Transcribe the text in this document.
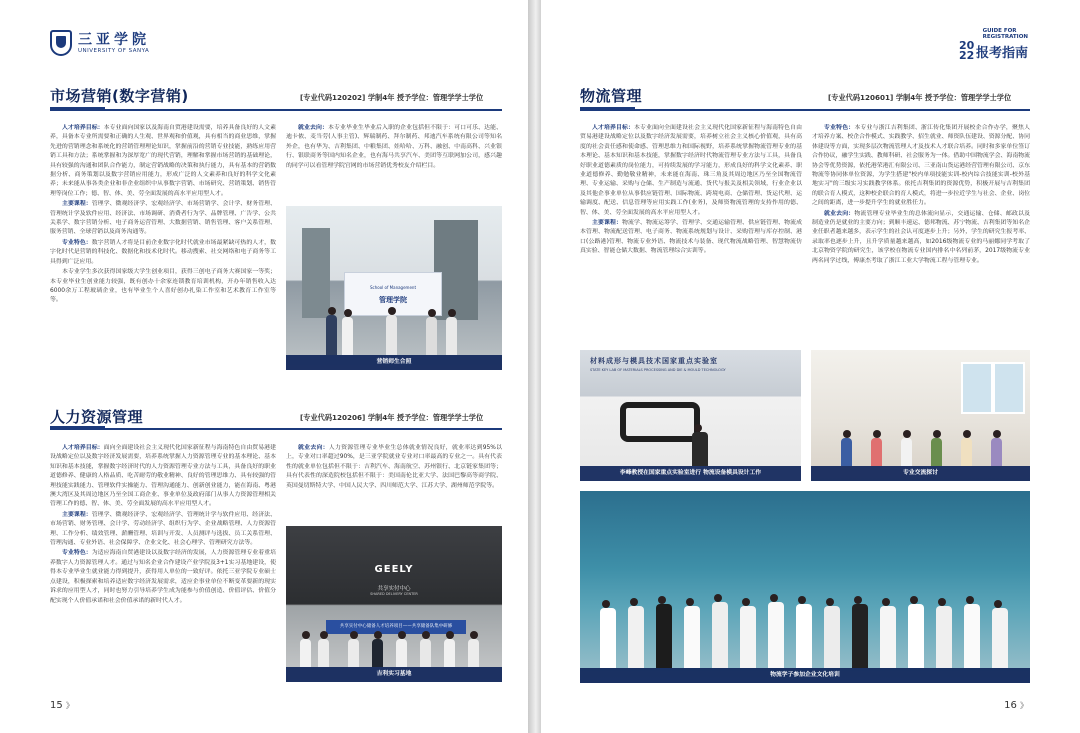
三亚学院
UNIVERSITY OF SANYA
市场营销(数字营销)	[专业代码120202] 学制4年 授予学位：管理学学士学位

人才培养目标：本专业面向国家以及海南自贸港建设需要，培养具备良好的人文素养，具备本专业所需要和正确的人生观、世界观和价值观，具有相当的商业思维，掌握先进的营销理念和系统化的营销管理理论知识，掌握前沿的营销专业技能，熟练应用营销工具和方法；系统掌握和为深厚宽广的现代营销，理解和掌握市场营销的基础理论，具有较强的沟通和团队合作能力，制定营销战略的决策和执行能力，具有基本的营销数据分析、商务策划以及数字营销应用能力，形成广泛的人文素养和良好的科学文化素养；未来能从事各类企业和非企业组织中从事数字营销、市场研究、营销策划、销售管理等岗位工作；德、智、体、美、劳全面发展的高水平应用型人才。

主要课程：管理学、微观经济学、宏观经济学、市场营销学、会计学、财务管理、管理统计学及软件应用、经济法、市场调研、消费者行为学、品牌管理、广告学、公共关系学、数字营销分析、电子商务运营管理、大数据营销、销售管理、客户关系管理、服务营销、全球营销以及商务沟通等。

专业特色：数字营销人才将是目前企业数字化时代就业市场最紧缺可热的人才，数字化时代是营销的科技化、数据化和技术化时代。移动搜索、社交网络和电子商务等工具得到广泛应用。

本专业学生多次获得国家级大学生创业项目，获得三创电子商务大赛国家一等奖；本专业毕业生创业能力较强，既有创办十余家连锁教育培训机构，开办年销售收入达6000余万工程玻璃企业，也有毕业生个人喜好创办扎染工作室和艺术教育工作室等等。

就业去向：本专业毕业生毕业后入职的企业包括但不限于：可口可乐、达能、迪卡侬、麦当劳(人事主管)、辉瑞制药、拜尔制药、邦迪汽车系统有限公司等知名外企，也有华为、吉利集团、中粮集团、娃哈哈、万科、融创、中南高科、兴业银行、银联商务等国内知名企业，也有海马共享汽车、美团等互联网加公司，感兴趣的同学可以看管理学院官网的市场营销优秀校友介绍栏目。

School of Management
管理学院
营销师生合照
人力资源管理	[专业代码120206] 学制4年 授予学位：管理学学士学位

人才培养目标：面向全面建设社会主义现代化国家新征程与海南特色自由贸易港建设战略定位以及数字经济发展需要，培养系统掌握人力资源管理专业的基本理论、基本知识和基本技能，掌握数字经济时代的人力资源管理专业方法与工具，具备良好的职业道德修养、健康的人格品质、吃苦耐劳的敬业精神、良好的管理思维力、具有较强的管理技能实践能力、管理软件实操能力、管理沟通能力、创新创业能力，能在海南、粤港澳大湾区及其周边地区乃至全国工商企业、事业单位及政府部门从事人力资源管理相关管理工作的德、智、体、美、劳全面发展的高水平应用型人才。

主要课程：管理学、微观经济学、宏观经济学、管理统计学与软件应用、经济法、市场营销、财务管理、会计学、劳动经济学、组织行为学、企业战略管理、人力资源管理、工作分析、绩效管理、薪酬管理、培训与开发、人员测评与选拔、员工关系管理、管理沟通、专业外语、社会保障学、企业文化、社会心理学、管理研究方法等。

专业特色：为适应海南自贸港建设以及数字经济的发展，人力资源管理专业着重培养数字人力资源管理人才。通过与知名企业合作建设产业学院及3+1实习基地建设，使得本专业毕业生就业能力得到提升，获得用人单位的一致好评。依托三亚学院专业硕士点建设，积极探索和培养适应数字经济发展需求，适应企事业单位不断变革要新的现实诉求的应用型人才，同时也努力引导培养学生成为能参与价值创造、价值评估、价值分配实现个人价值承诺和社会价值承诺的新时代人才。

就业去向：人力资源管理专业毕业生总体就业情况良好，就业率达到95%以上，专业对口率超过90%，是三亚学院就业专业对口率最高的专业之一。具有代表性的就业单位包括但不限于：吉利汽车、海南航空、苏州银行、北京链家集团等；具有代表性的深造院校包括但不限于：美国南伦比亚大学、法国巴黎高等商学院、英国曼切斯特大学、中国人民大学、四川师范大学、江苏大学、湖州师范学院等。

GEELY
共享实付中心
SHARED DELIVERY CENTER
共享实付中心储备人才培养项目——共享储备队集中研修
吉利实习基地
15 》
GUIDE FOR
REGISTRATION
20
22 报考指南
物流管理	[专业代码120601] 学制4年 授予学位：管理学学士学位

人才培养目标：本专业面向全面建设社会主义现代化国家新征程与海南特色自由贸易港建设战略定位以及数字经济发展需要，培养树立社会主义核心价值观，具有高度的社会责任感和使命感、管理思维力和国际视野，培养系统掌握物流管理专业的基本理论、基本知识和基本技能，掌握数字经济时代物流管理专业方法与工具，具备良好职业道德素质的岗位能力，可持续发展的学习能力，形成良好的科学文化素养、职业道德修养、勤勉敬业精神，未来能在海南、珠三角及其周边地区乃至全国物流管理、专业运输、采购与仓储、生产制造与流通、货代与报关及相关领域，行业企业以及其他企事业单位从事供应链管理、国际物流、跨境电商、仓储管理、货运代理、运输调度、配送、信息管理等应用实践工作(业务)，及师资物流管理的支持作用的德、智、体、美、劳全面发展的高水平应用型人才。

主要课程：物流学、物流运筹学、管理学、交通运输管理、供应链管理、物流成本管理、物流配送管理、电子商务、物流系统规划与设计、采购管理与库存控制、港口(公路港)管理、物流专业外语、物流技术与装备、现代物流战略管理、智慧物流仿真实验、智能仓储大数据、物流管理综合实训等。

专业特色：本专业与浙江吉利集团、浙江传化集团开展校企合作办学，聚焦人才培养方案、校企合作模式、实践教学、招生就业、师资队伍建设、资源分配、协同体建设等方面，实现多层次物流管理人才及技术人才联合培养。同时和多家单位签订合作协议，融学生实践、教师科研、社会服务为一体。借助中国物流学会、海南物流协会等优势资源，依托港荣港汇有限公司、三亚南山货运港经营管理有限公司、京东物流等协同体单位资源，为学生搭建"校内单项技能实训-校内综合技能实训-校外基地实习"的三级实习实践教学体系。依托吉利集团的资源优势，积极开展与吉利集团的联合育人模式，这种校企联合的育人模式，将进一步拉近学生与社会、企业、岗位之间的距离，进一步提升学生的就业胜任力。

就业去向：物流管理专业毕业生的总体流向显示，交通运输、仓储、邮政以及制造业仍是就业的主要方向；到顺丰速运、德邦物流、苏宁物流、吉利集团等知名企业任职者越来越多，表示学生的社会认可度逐步上升；另外，学生的研究生报考率、录取率也逐步上升，且升学质量越来越高，如2016级物流专业的马丽娜同学考取了北京物资学院的研究生，该学校在物流专业国内排名中名列前茅，2017级物流专业两名同学过线，傅康杰考取了浙江工业大学物流工程与管理专业。

材料成形与模具技术国家重点实验室
STATE KEY LAB OF MATERIALS PROCESSING AND DIE & MOULD TECHNOLOGY
李峰教授在国家重点实验室进行 物流设备模具设计工作	专业交流探讨
物流学子参加企业文化培训
16 》
